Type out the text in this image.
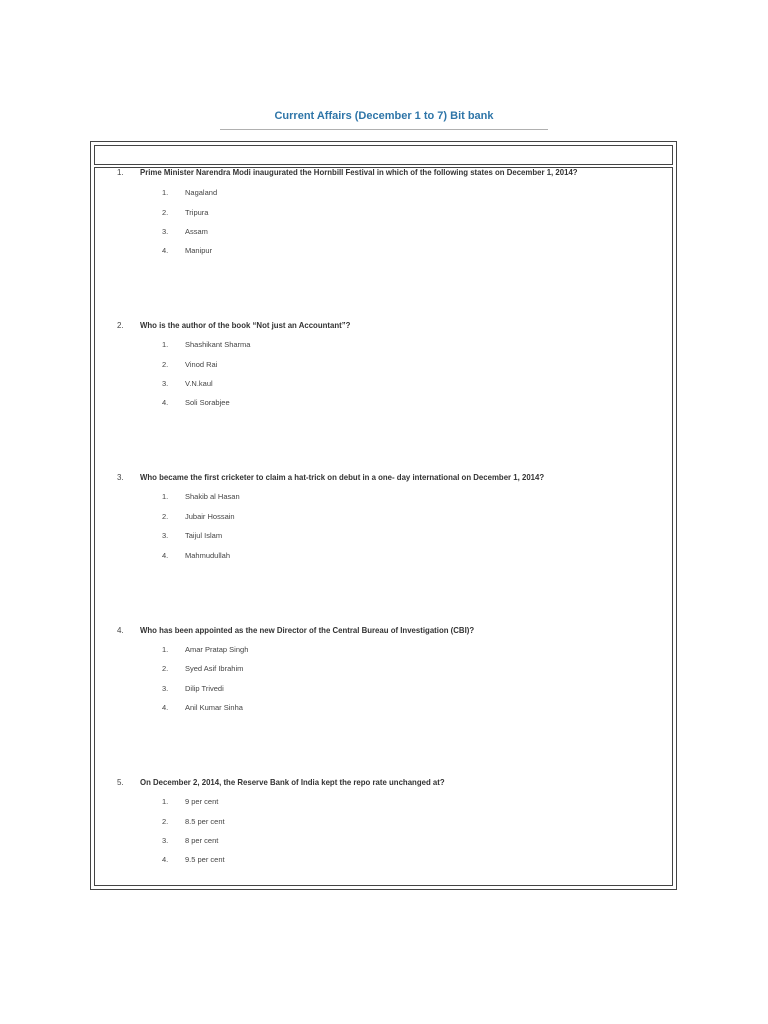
Current Affairs (December 1 to 7) Bit bank
1. Prime Minister Narendra Modi inaugurated the Hornbill Festival in which of the following states on December 1, 2014?
1. Nagaland
2. Tripura
3. Assam
4. Manipur
2. Who is the author of the book “Not just an Accountant”?
1. Shashikant Sharma
2. Vinod Rai
3. V.N.kaul
4. Soli Sorabjee
3. Who became the first cricketer to claim a hat-trick on debut in a one- day international on December 1, 2014?
1. Shakib al Hasan
2. Jubair Hossain
3. Taijul Islam
4. Mahmudullah
4. Who has been appointed as the new Director of the Central Bureau of Investigation (CBI)?
1. Amar Pratap Singh
2. Syed Asif Ibrahim
3. Dilip Trivedi
4. Anil Kumar Sinha
5. On December 2, 2014, the Reserve Bank of India kept the repo rate unchanged at?
1. 9 per cent
2. 8.5 per cent
3. 8 per cent
4. 9.5 per cent
